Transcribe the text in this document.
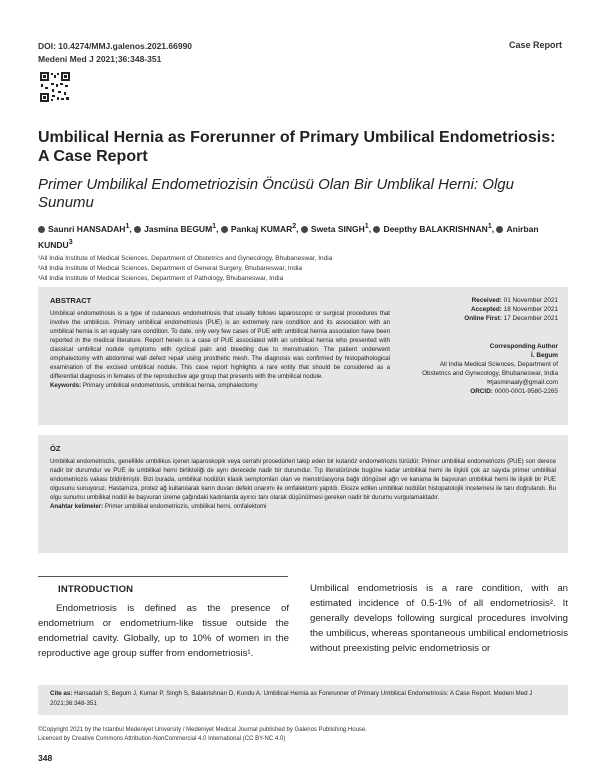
DOI: 10.4274/MMJ.galenos.2021.66990
Medeni Med J 2021;36:348-351
Case Report
Umbilical Hernia as Forerunner of Primary Umbilical Endometriosis: A Case Report
Primer Umbilikal Endometriozisin Öncüsü Olan Bir Umblikal Herni: Olgu Sunumu
Saunri HANSADAH$^1$, Jasmina BEGUM$^1$, Pankaj KUMAR$^2$, Sweta SINGH$^1$, Deepthy BALAKRISHNAN$^1$, Anirban KUNDU$^3$
¹All India Institute of Medical Sciences, Department of Obstetrics and Gynecology, Bhubaneswar, India
²All India Institute of Medical Sciences, Department of General Surgery, Bhubaneswar, India
³All India Institute of Medical Sciences, Department of Pathology, Bhubaneswar, India
ABSTRACT
Umbilical endometriosis is a type of cutaneous endometriosis that usually follows laparoscopic or surgical procedures that involve the umbilicus. Primary umbilical endometriosis (PUE) is an extremely rare condition and its association with an umbilical hernia is an equally rare condition. To date, only very few cases of PUE with umbilical hernia association have been reported in the medical literature. Report herein is a case of PUE associated with an umbilical hernia who presented with classical umbilical nodule symptoms with cyclical pain and bleeding due to menstruation. The patient underwent omphalectomy with abdominal wall defect repair using prosthetic mesh. The diagnosis was confirmed by histopathological examination of the excised umbilical nodule. This case report highlights a rare entity that should be considered as a differential diagnosis in females of the reproductive age group that presents with the umbilical nodule.
Keywords: Primary umbilical endometriosis, umbilical hernia, omphalectomy
Received: 01 November 2021
Accepted: 18 November 2021
Online First: 17 December 2021
Corresponding Author
İ. Begum
All India Medical Sciences, Department of Obstetrics and Gynecology, Bhubaneswar, India
✉jasminaaly@gmail.com
ORCID: 0000-0001-9580-2265
ÖZ
Umbilikal endometriozis, genellikle umbilikus içeren laparoskopik veya cerrahi prosedürleri takip eden bir kutanöz endometriozis türüdür. Primer umbilikal endometriozis (PUE) son derece nadir bir durumdur ve PUE ile umbilikal herni birlikteliği de aynı derecede nadir bir durumdur. Tıp literatüründe bugüne kadar umbilikal herni ile ilişkili çok az sayıda primer umbilikal endometriozis vakası bildirilmiştir. Bizi burada, umbilikal nodülün klasik semptomları olan ve menstrüasyona bağlı döngüsel ağrı ve kanama ile başvuran umbilikal herni ile ilişkili bir PUE olgusunu sunuyoruz. Hastamıza, protez ağ kullanılarak karın duvarı defekt onarımı ile omfalektomi yapıldı. Eksize edilen umbilikal nodülün histopatolojik incelemesi ile tanı doğrulandı. Bu olgu sunumu umbilikal nodül ile başvuran üreme çağındaki kadınlarda ayırıcı tanı olarak düşünülmesi gereken nadir bir durumu vurgulamaktadır.
Anahtar kelimeler: Primer umbilikal endometriozis, umbilikal herni, omfalektomi
INTRODUCTION
Endometriosis is defined as the presence of endometrium or endometrium-like tissue outside the endometrial cavity. Globally, up to 10% of women in the reproductive age group suffer from endometriosis¹.
Umbilical endometriosis is a rare condition, with an estimated incidence of 0.5-1% of all endometriosis². It generally develops following surgical procedures involving the umbilicus, whereas spontaneous umbilical endometriosis without preexisting pelvic endometriosis or
Cite as: Hansadah S, Begum J, Kumar P, Singh S, Balakrishnan D, Kundu A. Umbilical Hernia as Forerunner of Primary Umbilical Endometriosis: A Case Report. Medeni Med J 2021;36:348-351
©Copyright 2021 by the Istanbul Medeniyet University / Medeniyet Medical Journal published by Galenos Publishing House.
Licenced by Creative Commons Attribution-NonCommercial 4.0 International (CC BY-NC 4.0)
348
